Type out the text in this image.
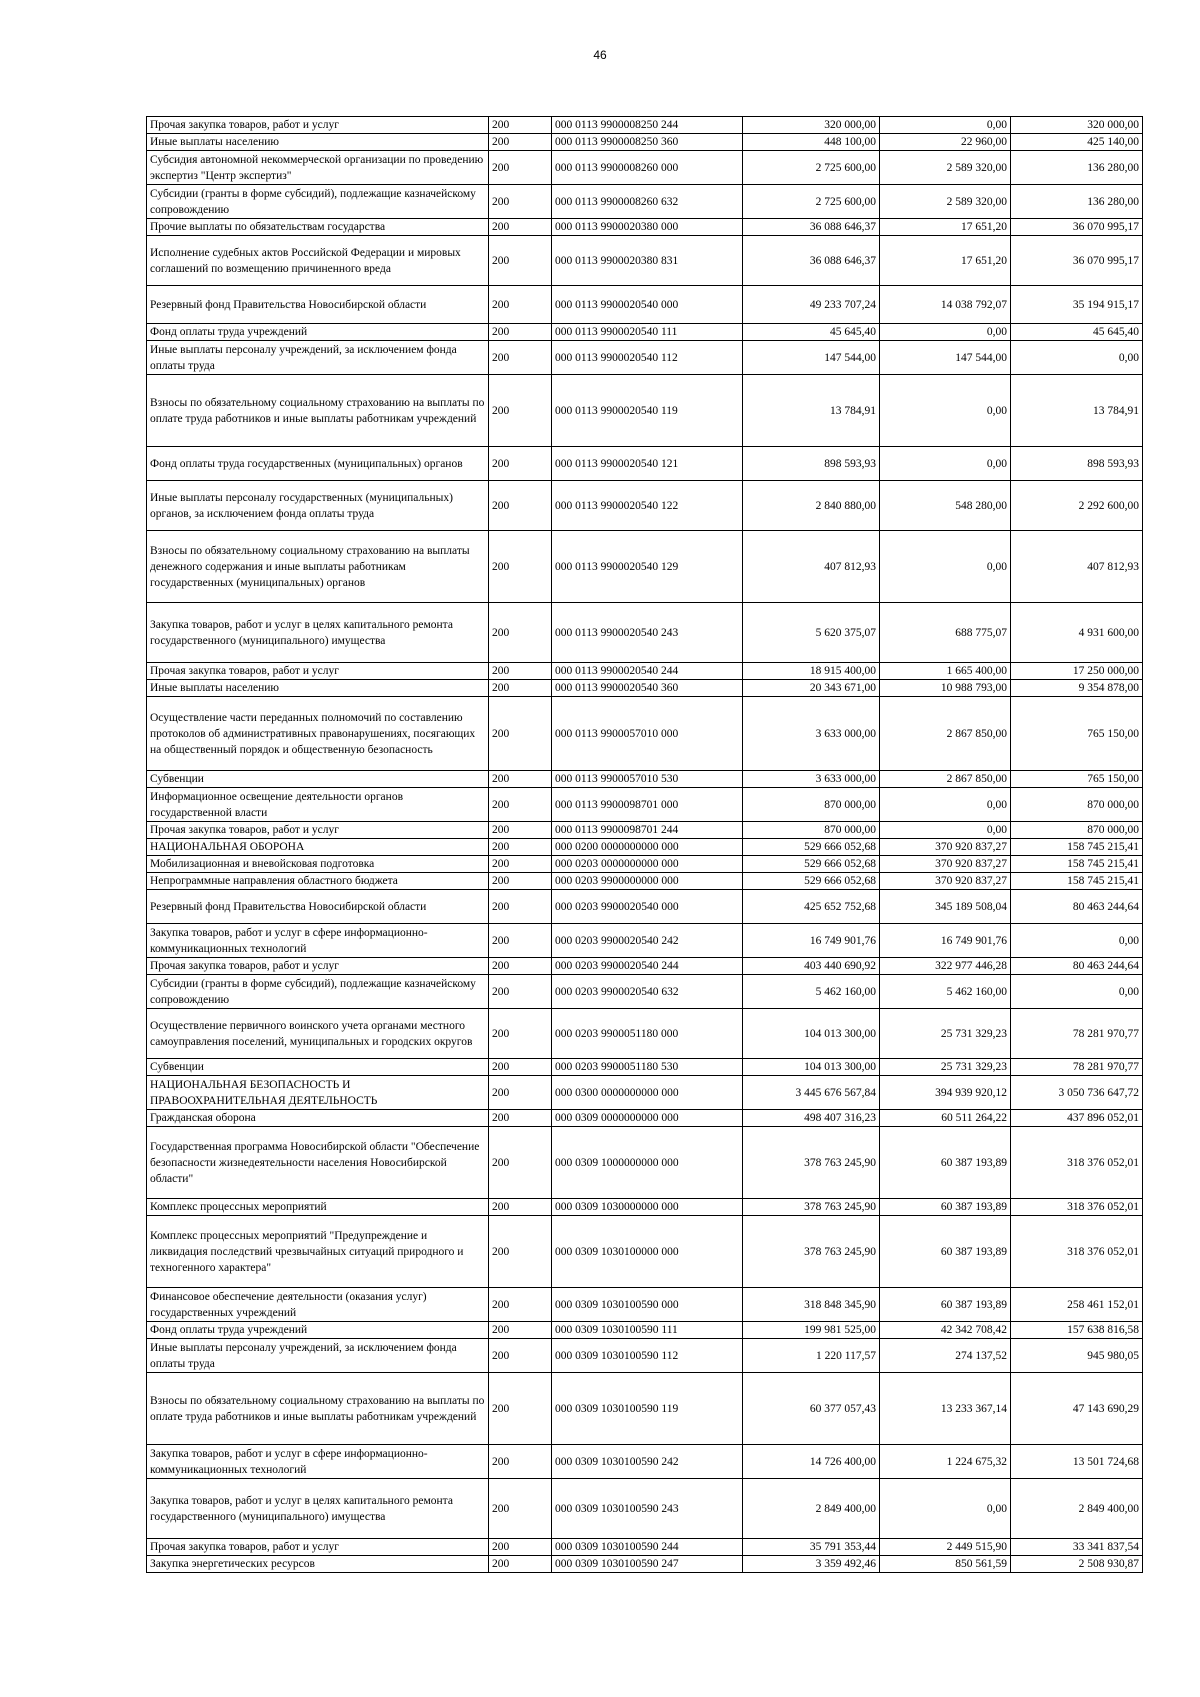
46
Прочая закупка товаров, работ и услуг	200	000 0113 9900008250 244	320 000,00	0,00	320 000,00
Иные выплаты населению	200	000 0113 9900008250 360	448 100,00	22 960,00	425 140,00
Субсидия автономной некоммерческой организации по проведению экспертиз "Центр экспертиз"	200	000 0113 9900008260 000	2 725 600,00	2 589 320,00	136 280,00
Субсидии (гранты в форме субсидий), подлежащие казначейскому сопровождению	200	000 0113 9900008260 632	2 725 600,00	2 589 320,00	136 280,00
Прочие выплаты по обязательствам государства	200	000 0113 9900020380 000	36 088 646,37	17 651,20	36 070 995,17
Исполнение судебных актов Российской Федерации и мировых соглашений по возмещению причиненного вреда	200	000 0113 9900020380 831	36 088 646,37	17 651,20	36 070 995,17
Резервный фонд Правительства Новосибирской области	200	000 0113 9900020540 000	49 233 707,24	14 038 792,07	35 194 915,17
Фонд оплаты труда учреждений	200	000 0113 9900020540 111	45 645,40	0,00	45 645,40
Иные выплаты персоналу учреждений, за исключением фонда оплаты труда	200	000 0113 9900020540 112	147 544,00	147 544,00	0,00
Взносы по обязательному социальному страхованию на выплаты по оплате труда работников и иные выплаты работникам учреждений	200	000 0113 9900020540 119	13 784,91	0,00	13 784,91
Фонд оплаты труда государственных (муниципальных) органов	200	000 0113 9900020540 121	898 593,93	0,00	898 593,93
Иные выплаты персоналу государственных (муниципальных) органов, за исключением фонда оплаты труда	200	000 0113 9900020540 122	2 840 880,00	548 280,00	2 292 600,00
Взносы по обязательному социальному страхованию на выплаты денежного содержания и иные выплаты работникам государственных (муниципальных) органов	200	000 0113 9900020540 129	407 812,93	0,00	407 812,93
Закупка товаров, работ и услуг в целях капитального ремонта государственного (муниципального) имущества	200	000 0113 9900020540 243	5 620 375,07	688 775,07	4 931 600,00
Прочая закупка товаров, работ и услуг	200	000 0113 9900020540 244	18 915 400,00	1 665 400,00	17 250 000,00
Иные выплаты населению	200	000 0113 9900020540 360	20 343 671,00	10 988 793,00	9 354 878,00
Осуществление части переданных полномочий по составлению протоколов об административных правонарушениях, посягающих на общественный порядок и общественную безопасность	200	000 0113 9900057010 000	3 633 000,00	2 867 850,00	765 150,00
Субвенции	200	000 0113 9900057010 530	3 633 000,00	2 867 850,00	765 150,00
Информационное освещение деятельности органов государственной власти	200	000 0113 9900098701 000	870 000,00	0,00	870 000,00
Прочая закупка товаров, работ и услуг	200	000 0113 9900098701 244	870 000,00	0,00	870 000,00
НАЦИОНАЛЬНАЯ ОБОРОНА	200	000 0200 0000000000 000	529 666 052,68	370 920 837,27	158 745 215,41
Мобилизационная и вневойсковая подготовка	200	000 0203 0000000000 000	529 666 052,68	370 920 837,27	158 745 215,41
Непрограммные направления областного бюджета	200	000 0203 9900000000 000	529 666 052,68	370 920 837,27	158 745 215,41
Резервный фонд Правительства Новосибирской области	200	000 0203 9900020540 000	425 652 752,68	345 189 508,04	80 463 244,64
Закупка товаров, работ и услуг в сфере информационно-коммуникационных технологий	200	000 0203 9900020540 242	16 749 901,76	16 749 901,76	0,00
Прочая закупка товаров, работ и услуг	200	000 0203 9900020540 244	403 440 690,92	322 977 446,28	80 463 244,64
Субсидии (гранты в форме субсидий), подлежащие казначейскому сопровождению	200	000 0203 9900020540 632	5 462 160,00	5 462 160,00	0,00
Осуществление первичного воинского учета органами местного самоуправления поселений, муниципальных и городских округов	200	000 0203 9900051180 000	104 013 300,00	25 731 329,23	78 281 970,77
Субвенции	200	000 0203 9900051180 530	104 013 300,00	25 731 329,23	78 281 970,77
НАЦИОНАЛЬНАЯ БЕЗОПАСНОСТЬ И ПРАВООХРАНИТЕЛЬНАЯ ДЕЯТЕЛЬНОСТЬ	200	000 0300 0000000000 000	3 445 676 567,84	394 939 920,12	3 050 736 647,72
Гражданская оборона	200	000 0309 0000000000 000	498 407 316,23	60 511 264,22	437 896 052,01
Государственная программа Новосибирской области "Обеспечение безопасности жизнедеятельности населения Новосибирской области"	200	000 0309 1000000000 000	378 763 245,90	60 387 193,89	318 376 052,01
Комплекс процессных мероприятий	200	000 0309 1030000000 000	378 763 245,90	60 387 193,89	318 376 052,01
Комплекс процессных мероприятий "Предупреждение и ликвидация последствий чрезвычайных ситуаций природного и техногенного характера"	200	000 0309 1030100000 000	378 763 245,90	60 387 193,89	318 376 052,01
Финансовое обеспечение деятельности (оказания услуг) государственных учреждений	200	000 0309 1030100590 000	318 848 345,90	60 387 193,89	258 461 152,01
Фонд оплаты труда учреждений	200	000 0309 1030100590 111	199 981 525,00	42 342 708,42	157 638 816,58
Иные выплаты персоналу учреждений, за исключением фонда оплаты труда	200	000 0309 1030100590 112	1 220 117,57	274 137,52	945 980,05
Взносы по обязательному социальному страхованию на выплаты по оплате труда работников и иные выплаты работникам учреждений	200	000 0309 1030100590 119	60 377 057,43	13 233 367,14	47 143 690,29
Закупка товаров, работ и услуг в сфере информационно-коммуникационных технологий	200	000 0309 1030100590 242	14 726 400,00	1 224 675,32	13 501 724,68
Закупка товаров, работ и услуг в целях капитального ремонта государственного (муниципального) имущества	200	000 0309 1030100590 243	2 849 400,00	0,00	2 849 400,00
Прочая закупка товаров, работ и услуг	200	000 0309 1030100590 244	35 791 353,44	2 449 515,90	33 341 837,54
Закупка энергетических ресурсов	200	000 0309 1030100590 247	3 359 492,46	850 561,59	2 508 930,87
